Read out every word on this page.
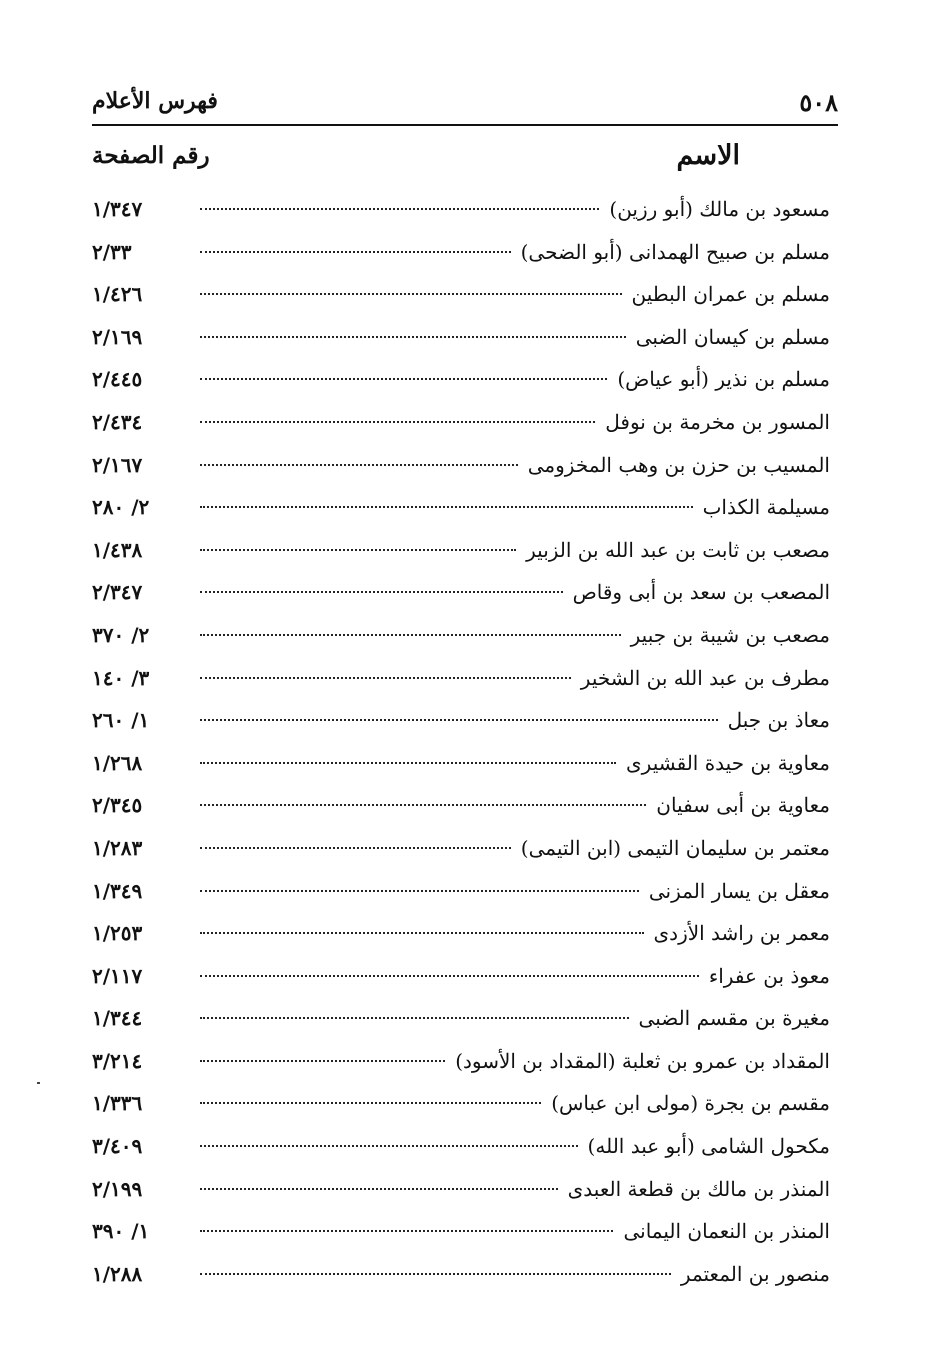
٥٠٨
فهرس الأعلام
الاسم
رقم الصفحة
مسعود بن مالك (أبو رزين)
١/٣٤٧
مسلم بن صبيح الهمدانى (أبو الضحى)
٢/٣٣
مسلم بن عمران البطين
١/٤٢٦
مسلم بن كيسان الضبى
٢/١٦٩
مسلم بن نذير (أبو عياض)
٢/٤٤٥
المسور بن مخرمة بن نوفل
٢/٤٣٤
المسيب بن حزن بن وهب المخزومى
٢/١٦٧
مسيلمة الكذاب
٢/ ٢٨٠
مصعب بن ثابت بن عبد الله بن الزبير
١/٤٣٨
المصعب بن سعد بن أبى وقاص
٢/٣٤٧
مصعب بن شيبة بن جبير
٢/ ٣٧٠
مطرف بن عبد الله بن الشخير
٣/ ١٤٠
معاذ بن جبل
١/ ٢٦٠
معاوية بن حيدة القشيرى
١/٢٦٨
معاوية بن أبى سفيان
٢/٣٤٥
معتمر بن سليمان التيمى (ابن التيمى)
١/٢٨٣
معقل بن يسار المزنى
١/٣٤٩
معمر بن راشد الأزدى
١/٢٥٣
معوذ بن عفراء
٢/١١٧
مغيرة بن مقسم الضبى
١/٣٤٤
المقداد بن عمرو بن ثعلبة (المقداد بن الأسود)
٣/٢١٤
مقسم بن بجرة (مولى ابن عباس)
١/٣٣٦
مكحول الشامى (أبو عبد الله)
٣/٤٠٩
المنذر بن مالك بن قطعة العبدى
٢/١٩٩
المنذر بن النعمان اليمانى
١/ ٣٩٠
منصور بن المعتمر
١/٢٨٨
